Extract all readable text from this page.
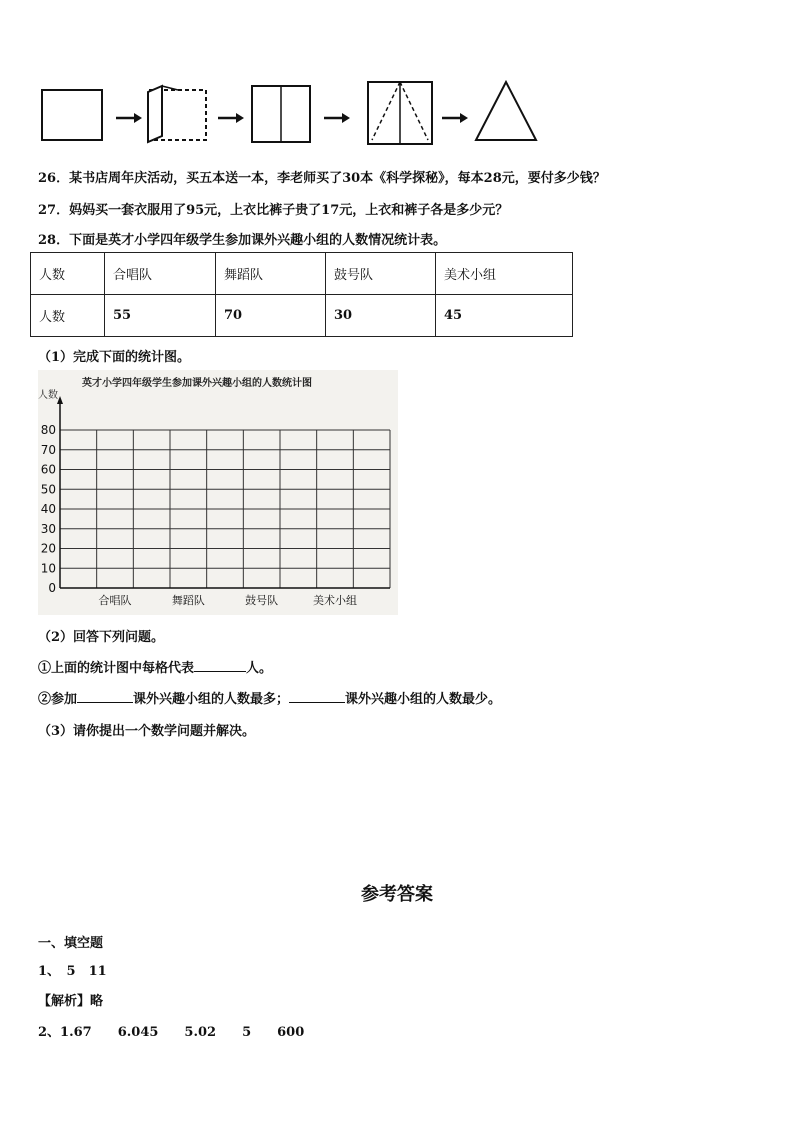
26．某书店周年庆活动，买五本送一本，李老师买了30本《科学探秘》，每本28元，要付多少钱？
27．妈妈买一套衣服用了95元，上衣比裤子贵了17元，上衣和裤子各是多少元？
28．下面是英才小学四年级学生参加课外兴趣小组的人数情况统计表。
人数	合唱队	舞蹈队	鼓号队	美术小组
人数	55	70	30	45
（1）完成下面的统计图。
英才小学四年级学生参加课外兴趣小组的人数统计图
人数
0
10
20
30
40
50
60
70
80
合唱队	舞蹈队	鼓号队	美术小组
（2）回答下列问题。
①上面的统计图中每格代表	人。
②参加	课外兴趣小组的人数最多；	课外兴趣小组的人数最少。
（3）请你提出一个数学问题并解决。
参考答案
一、填空题
1、　5　11
【解析】略
2、1.67　　6.045　　5.02　　5　　600
